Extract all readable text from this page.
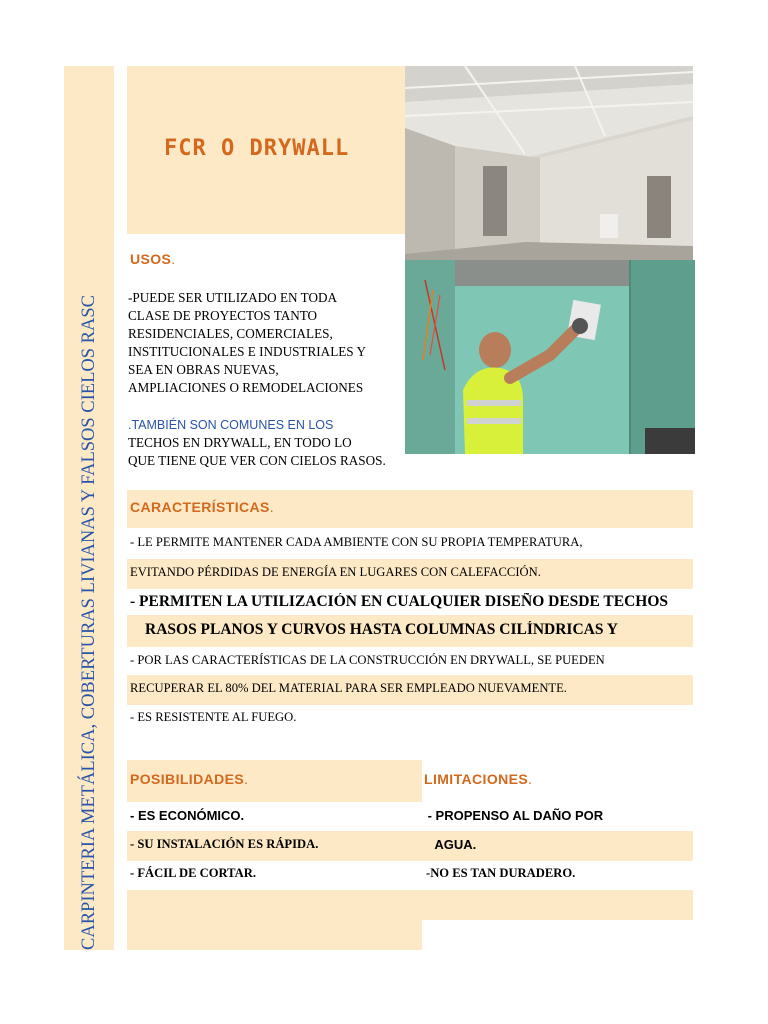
CARPINTERIA METÁLICA, COBERTURAS LIVIANAS Y FALSOS CIELOS RASC
FCR O DRYWALL
USOS.
-PUEDE SER UTILIZADO EN TODA
CLASE DE PROYECTOS TANTO
RESIDENCIALES, COMERCIALES,
INSTITUCIONALES E INDUSTRIALES Y
SEA EN OBRAS NUEVAS,
AMPLIACIONES O REMODELACIONES
.TAMBIÉN SON COMUNES EN LOS
TECHOS EN DRYWALL, EN TODO LO
QUE TIENE QUE VER CON CIELOS RASOS.
CARACTERÍSTICAS.
- LE PERMITE MANTENER CADA AMBIENTE CON SU PROPIA TEMPERATURA,
EVITANDO PÉRDIDAS DE ENERGÍA EN LUGARES CON CALEFACCIÓN.
- PERMITEN LA UTILIZACIÓN EN CUALQUIER DISEÑO DESDE TECHOS
RASOS PLANOS Y CURVOS HASTA COLUMNAS CILÍNDRICAS Y
- POR LAS CARACTERÍSTICAS DE LA CONSTRUCCIÓN EN DRYWALL, SE PUEDEN
RECUPERAR EL 80% DEL MATERIAL PARA SER EMPLEADO NUEVAMENTE.
- ES RESISTENTE AL FUEGO.
POSIBILIDADES.
- ES ECONÓMICO.
- SU INSTALACIÓN ES RÁPIDA.
- FÁCIL DE CORTAR.
LIMITACIONES.
- PROPENSO AL DAÑO POR
AGUA.
-NO ES TAN DURADERO.
